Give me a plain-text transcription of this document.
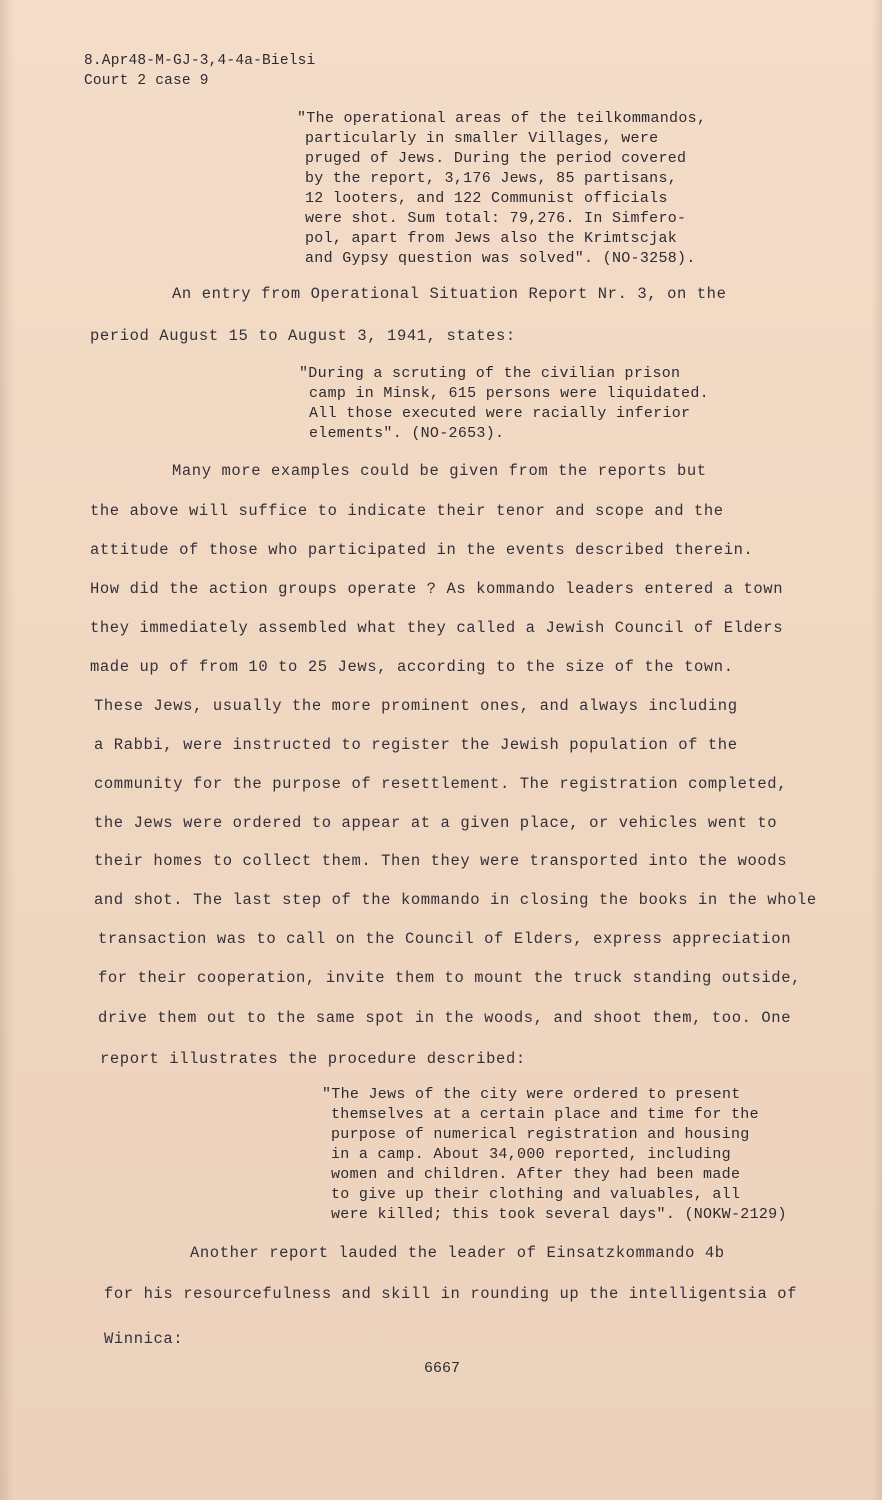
8.Apr48-M-GJ-3,4-4a-Bielsi

Court 2 case 9

"The operational areas of the teilkommandos,

particularly in smaller Villages, were

pruged of Jews. During the period covered

by the report, 3,176 Jews, 85 partisans,

12 looters, and 122 Communist officials

were shot. Sum total: 79,276. In Simfero-

pol, apart from Jews also the Krimtscjak

and Gypsy question was solved". (NO-3258).

An entry from Operational Situation Report Nr. 3, on the

period August 15 to August 3, 1941, states:

"During a scruting of the civilian prison

camp in Minsk, 615 persons were liquidated.

All those executed were racially inferior

elements". (NO-2653).

Many more examples could be given from the reports but

the above will suffice to indicate their tenor and scope and the

attitude of those who participated in the events described therein.

How did the action groups operate ? As kommando leaders entered a town

they immediately assembled what they called a Jewish Council of Elders

made up of from 10 to 25 Jews, according to the size of the town.

These Jews, usually the more prominent ones, and always including

a Rabbi, were instructed to register the Jewish population of the

community for the purpose of resettlement. The registration completed,

the Jews were ordered to appear at a given place, or vehicles went to

their homes to collect them. Then they were transported into the woods

and shot. The last step of the kommando in closing the books in the whole

transaction was to call on the Council of Elders, express appreciation

for their cooperation, invite them to mount the truck standing outside,

drive them out to the same spot in the woods, and shoot them, too. One

report illustrates the procedure described:

"The Jews of the city were ordered to present

themselves at a certain place and time for the

purpose of numerical registration and housing

in a camp. About 34,000 reported, including

women and children. After they had been made

to give up their clothing and valuables, all

were killed; this took several days". (NOKW-2129)

Another report lauded the leader of Einsatzkommando 4b

for his resourcefulness and skill in rounding up the intelligentsia of

Winnica:

6667
